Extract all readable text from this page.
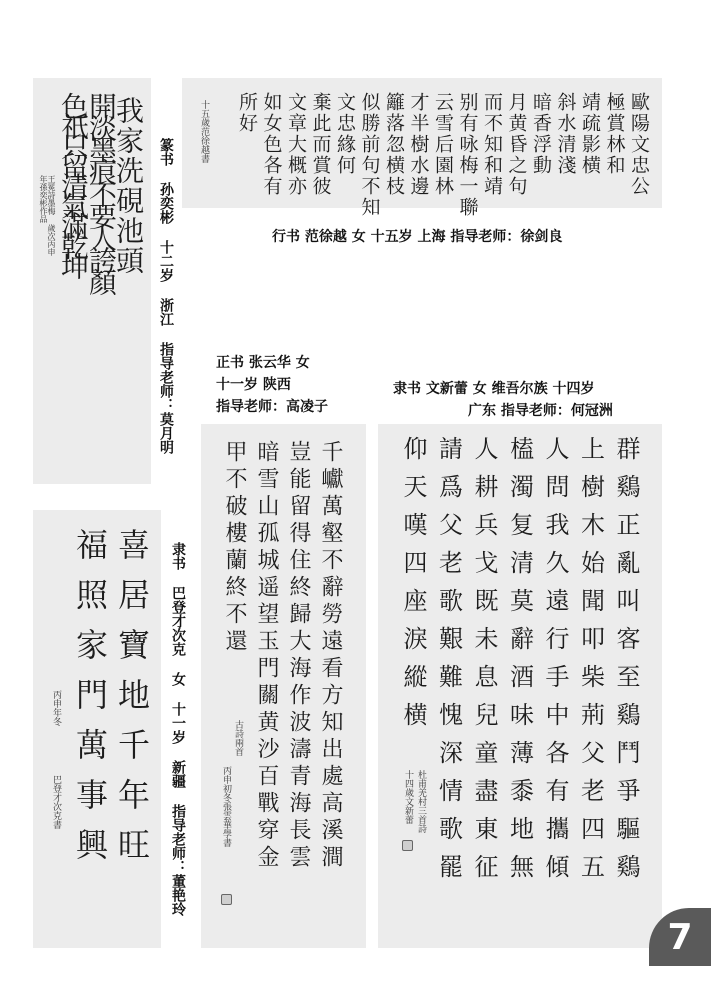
我家洗硯池頭
開淡墨痕不要人誇顏
色祇只留清氣滿乾坤
王冕詩墨梅 歲次丙申
年孫奕彬作品	篆书 孙奕彬 十二岁 浙江 指导老师：莫月明	歐陽文忠公
極賞林和
靖疏影横
斜水清淺
暗香浮動
月黄昏之句
而不知和靖
别有咏梅一聯
云雪后園林
才半樹水邊
籬落忽横枝
似勝前句不知
文忠緣何
棄此而賞彼
文章大概亦
如女色各有
所好
十五歲范徐越書
行书 范徐越 女 十五岁 上海 指导老师：徐剑良
正书 张云华 女
十一岁 陕西
指导老师：高凌子
隶书 文新蕾 女 维吾尔族 十四岁
广东 指导老师：何冠洲
千巘萬壑不辭勞遠看方知出處高溪澗
豈能留得住終歸大海作波濤青海長雲
暗雪山孤城遥望玉門關黄沙百戰穿金
甲不破樓蘭終不還
古詩兩首
丙申初冬張雲華學書	群鷄正亂叫客至鷄鬥爭驅鷄
上樹木始聞叩柴荊父老四五
人問我久遠行手中各有攜傾
榼濁复清莫辭酒味薄黍地無
人耕兵戈既未息兒童盡東征
請爲父老歌艱難愧深情歌罷
仰天嘆四座淚縱横
杜甫羌村三首詩
十四歲文新蕾
喜居寶地千年旺
福照家門萬事興
丙申年冬
巴登才次克書	隶书 巴登才次克 女 十一岁 新疆 指导老师：董艳玲
7
